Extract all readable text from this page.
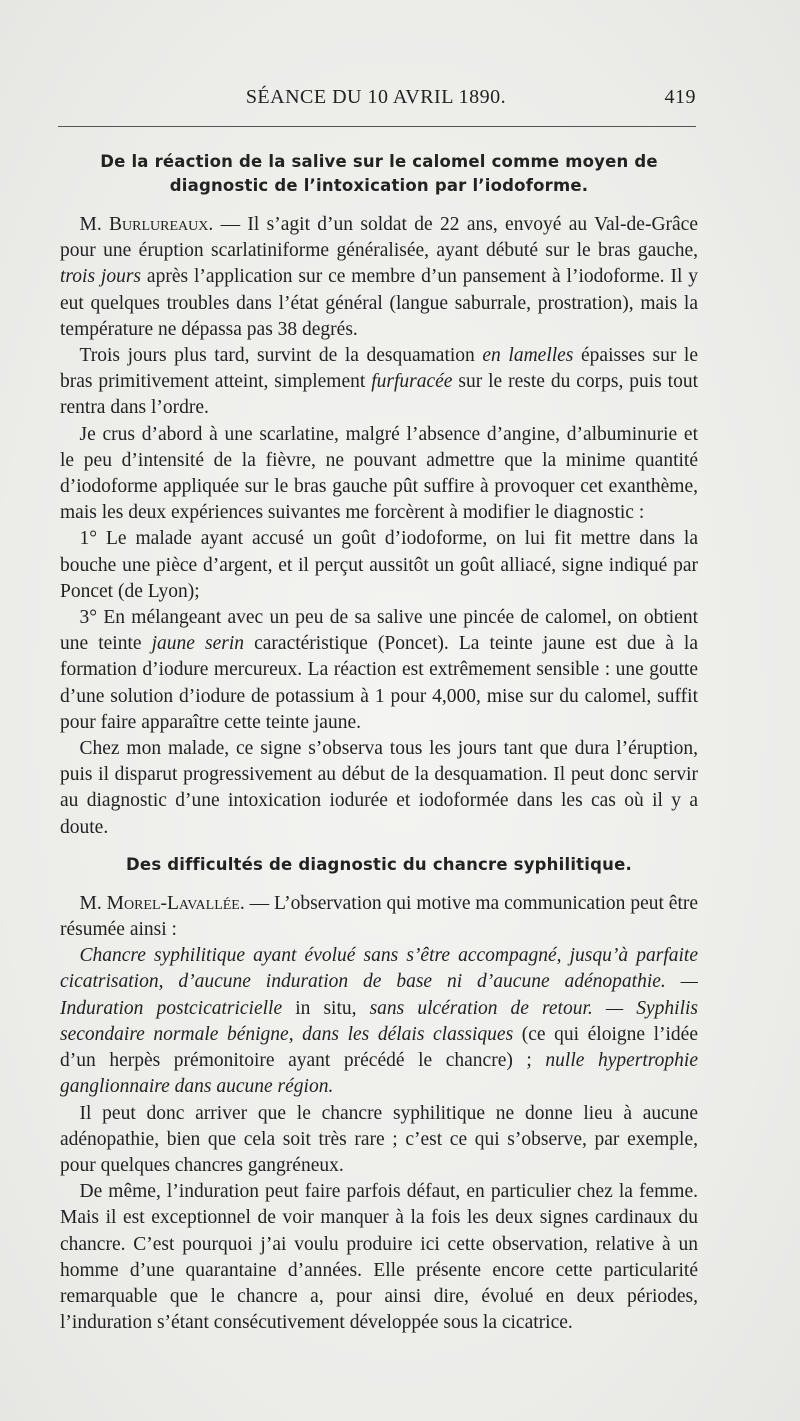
SÉANCE DU 10 AVRIL 1890.	419
De la réaction de la salive sur le calomel comme moyen de diagnostic de l’intoxication par l’iodoforme.

 M. Burlureaux. — Il s’agit d’un soldat de 22 ans, envoyé au Val-de-Grâce pour une éruption scarlatiniforme généralisée, ayant débuté sur le bras gauche, trois jours après l’application sur ce membre d’un pansement à l’iodoforme. Il y eut quelques troubles dans l’état général (langue saburrale, prostration), mais la température ne dépassa pas 38 degrés.

 Trois jours plus tard, survint de la desquamation en lamelles épaisses sur le bras primitivement atteint, simplement furfuracée sur le reste du corps, puis tout rentra dans l’ordre.

 Je crus d’abord à une scarlatine, malgré l’absence d’angine, d’albuminurie et le peu d’intensité de la fièvre, ne pouvant admettre que la minime quantité d’iodoforme appliquée sur le bras gauche pût suffire à provoquer cet exanthème, mais les deux expériences suivantes me forcèrent à modifier le diagnostic :

 1° Le malade ayant accusé un goût d’iodoforme, on lui fit mettre dans la bouche une pièce d’argent, et il perçut aussitôt un goût alliacé, signe indiqué par Poncet (de Lyon);

 3° En mélangeant avec un peu de sa salive une pincée de calomel, on obtient une teinte jaune serin caractéristique (Poncet). La teinte jaune est due à la formation d’iodure mercureux. La réaction est extrêmement sensible : une goutte d’une solution d’iodure de potassium à 1 pour 4,000, mise sur du calomel, suffit pour faire apparaître cette teinte jaune.

 Chez mon malade, ce signe s’observa tous les jours tant que dura l’éruption, puis il disparut progressivement au début de la desquamation. Il peut donc servir au diagnostic d’une intoxication iodurée et iodoformée dans les cas où il y a doute.

Des difficultés de diagnostic du chancre syphilitique.

 M. Morel-Lavallée. — L’observation qui motive ma communication peut être résumée ainsi :

 Chancre syphilitique ayant évolué sans s’être accompagné, jusqu’à parfaite cicatrisation, d’aucune induration de base ni d’aucune adénopathie. — Induration postcicatricielle in situ, sans ulcération de retour. — Syphilis secondaire normale bénigne, dans les délais classiques (ce qui éloigne l’idée d’un herpès prémonitoire ayant précédé le chancre) ; nulle hypertrophie ganglionnaire dans aucune région.

 Il peut donc arriver que le chancre syphilitique ne donne lieu à aucune adénopathie, bien que cela soit très rare ; c’est ce qui s’observe, par exemple, pour quelques chancres gangréneux.

 De même, l’induration peut faire parfois défaut, en particulier chez la femme. Mais il est exceptionnel de voir manquer à la fois les deux signes cardinaux du chancre. C’est pourquoi j’ai voulu produire ici cette observation, relative à un homme d’une quarantaine d’années. Elle présente encore cette particularité remarquable que le chancre a, pour ainsi dire, évolué en deux périodes, l’induration s’étant consécutivement développée sous la cicatrice.
